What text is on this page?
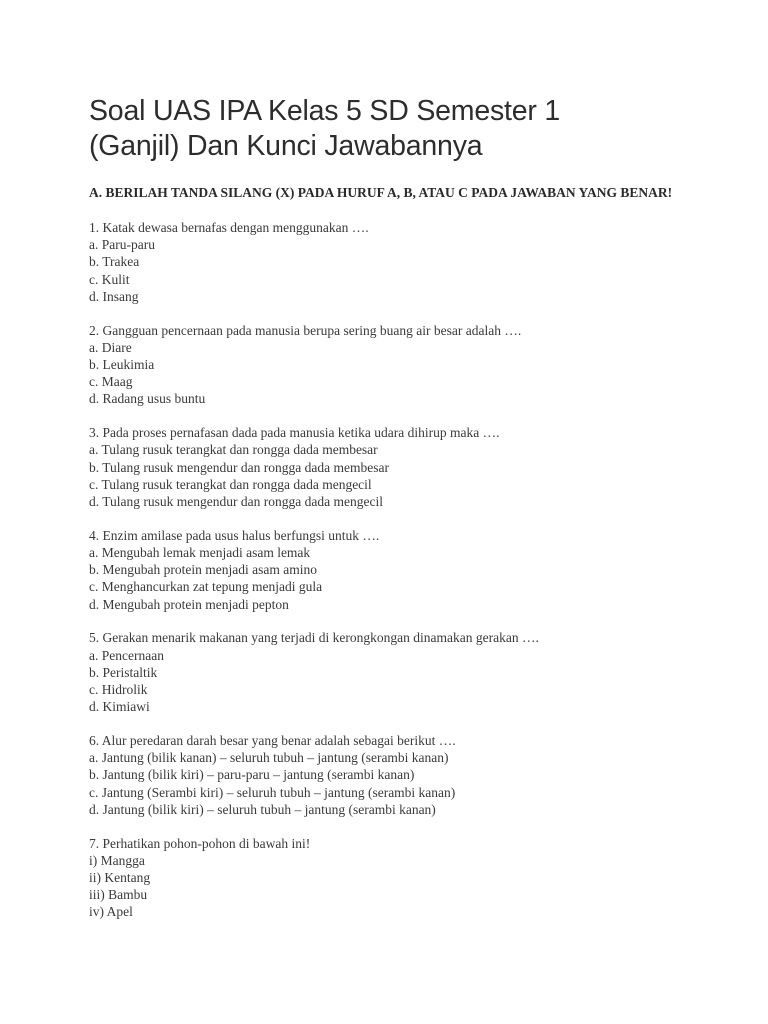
Soal UAS IPA Kelas 5 SD Semester 1
(Ganjil) Dan Kunci Jawabannya

A. BERILAH TANDA SILANG (X) PADA HURUF A, B, ATAU C PADA JAWABAN YANG BENAR!

1. Katak dewasa bernafas dengan menggunakan ….
a. Paru-paru
b. Trakea
c. Kulit
d. Insang
2. Gangguan pencernaan pada manusia berupa sering buang air besar adalah ….
a. Diare
b. Leukimia
c. Maag
d. Radang usus buntu
3. Pada proses pernafasan dada pada manusia ketika udara dihirup maka ….
a. Tulang rusuk terangkat dan rongga dada membesar
b. Tulang rusuk mengendur dan rongga dada membesar
c. Tulang rusuk terangkat dan rongga dada mengecil
d. Tulang rusuk mengendur dan rongga dada mengecil
4. Enzim amilase pada usus halus berfungsi untuk ….
a. Mengubah lemak menjadi asam lemak
b. Mengubah protein menjadi asam amino
c. Menghancurkan zat tepung menjadi gula
d. Mengubah protein menjadi pepton
5. Gerakan menarik makanan yang terjadi di kerongkongan dinamakan gerakan ….
a. Pencernaan
b. Peristaltik
c. Hidrolik
d. Kimiawi
6. Alur peredaran darah besar yang benar adalah sebagai berikut ….
a. Jantung (bilik kanan) – seluruh tubuh – jantung (serambi kanan)
b. Jantung (bilik kiri) – paru-paru – jantung (serambi kanan)
c. Jantung (Serambi kiri) – seluruh tubuh – jantung (serambi kanan)
d. Jantung (bilik kiri) – seluruh tubuh – jantung (serambi kanan)
7. Perhatikan pohon-pohon di bawah ini!
i) Mangga
ii) Kentang
iii) Bambu
iv) Apel
